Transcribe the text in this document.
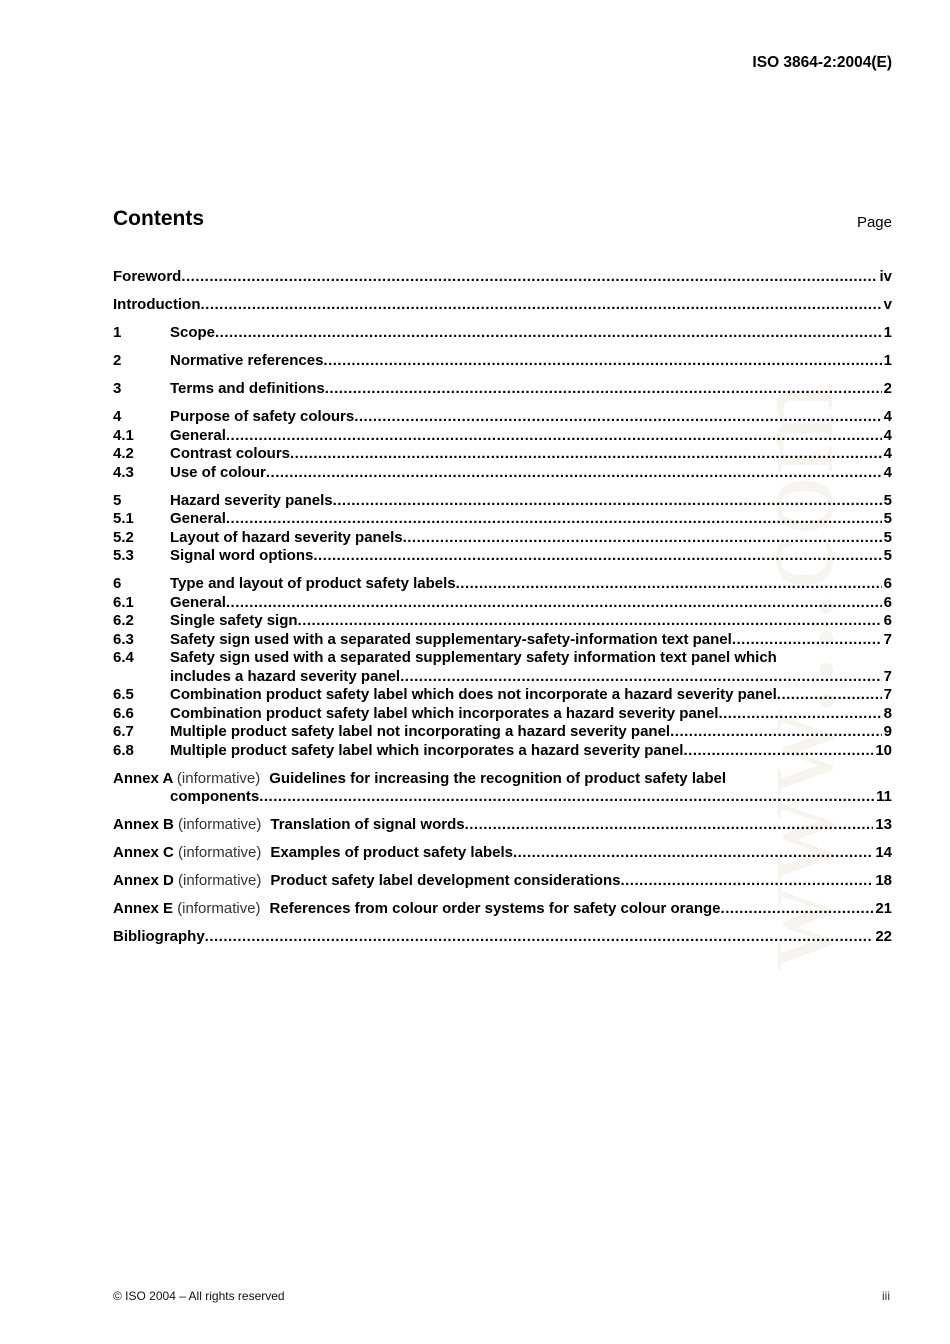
www....com
ISO 3864-2:2004(E)
Contents	Page
Foreword .....	iv
Introduction .....	v
1	Scope .....	1
2	Normative references .....	1
3	Terms and definitions .....	2
4	Purpose of safety colours .....	4
4.1	General .....	4
4.2	Contrast colours .....	4
4.3	Use of colour .....	4
5	Hazard severity panels .....	5
5.1	General .....	5
5.2	Layout of hazard severity panels .....	5
5.3	Signal word options .....	5
6	Type and layout of product safety labels .....	6
6.1	General .....	6
6.2	Single safety sign .....	6
6.3	Safety sign used with a separated supplementary-safety-information text panel .....	7
6.4	Safety sign used with a separated supplementary safety information text panel which
includes a hazard severity panel .....	7
6.5	Combination product safety label which does not incorporate a hazard severity panel .....	7
6.6	Combination product safety label which incorporates a hazard severity panel .....	8
6.7	Multiple product safety label not incorporating a hazard severity panel .....	9
6.8	Multiple product safety label which incorporates a hazard severity panel .....	10
Annex A (informative) Guidelines for increasing the recognition of product safety label
components .....	11
Annex B (informative) Translation of signal words .....	13
Annex C (informative) Examples of product safety labels .....	14
Annex D (informative) Product safety label development considerations .....	18
Annex E (informative) References from colour order systems for safety colour orange .....	21
Bibliography .....	22
© ISO 2004 – All rights reserved	iii
